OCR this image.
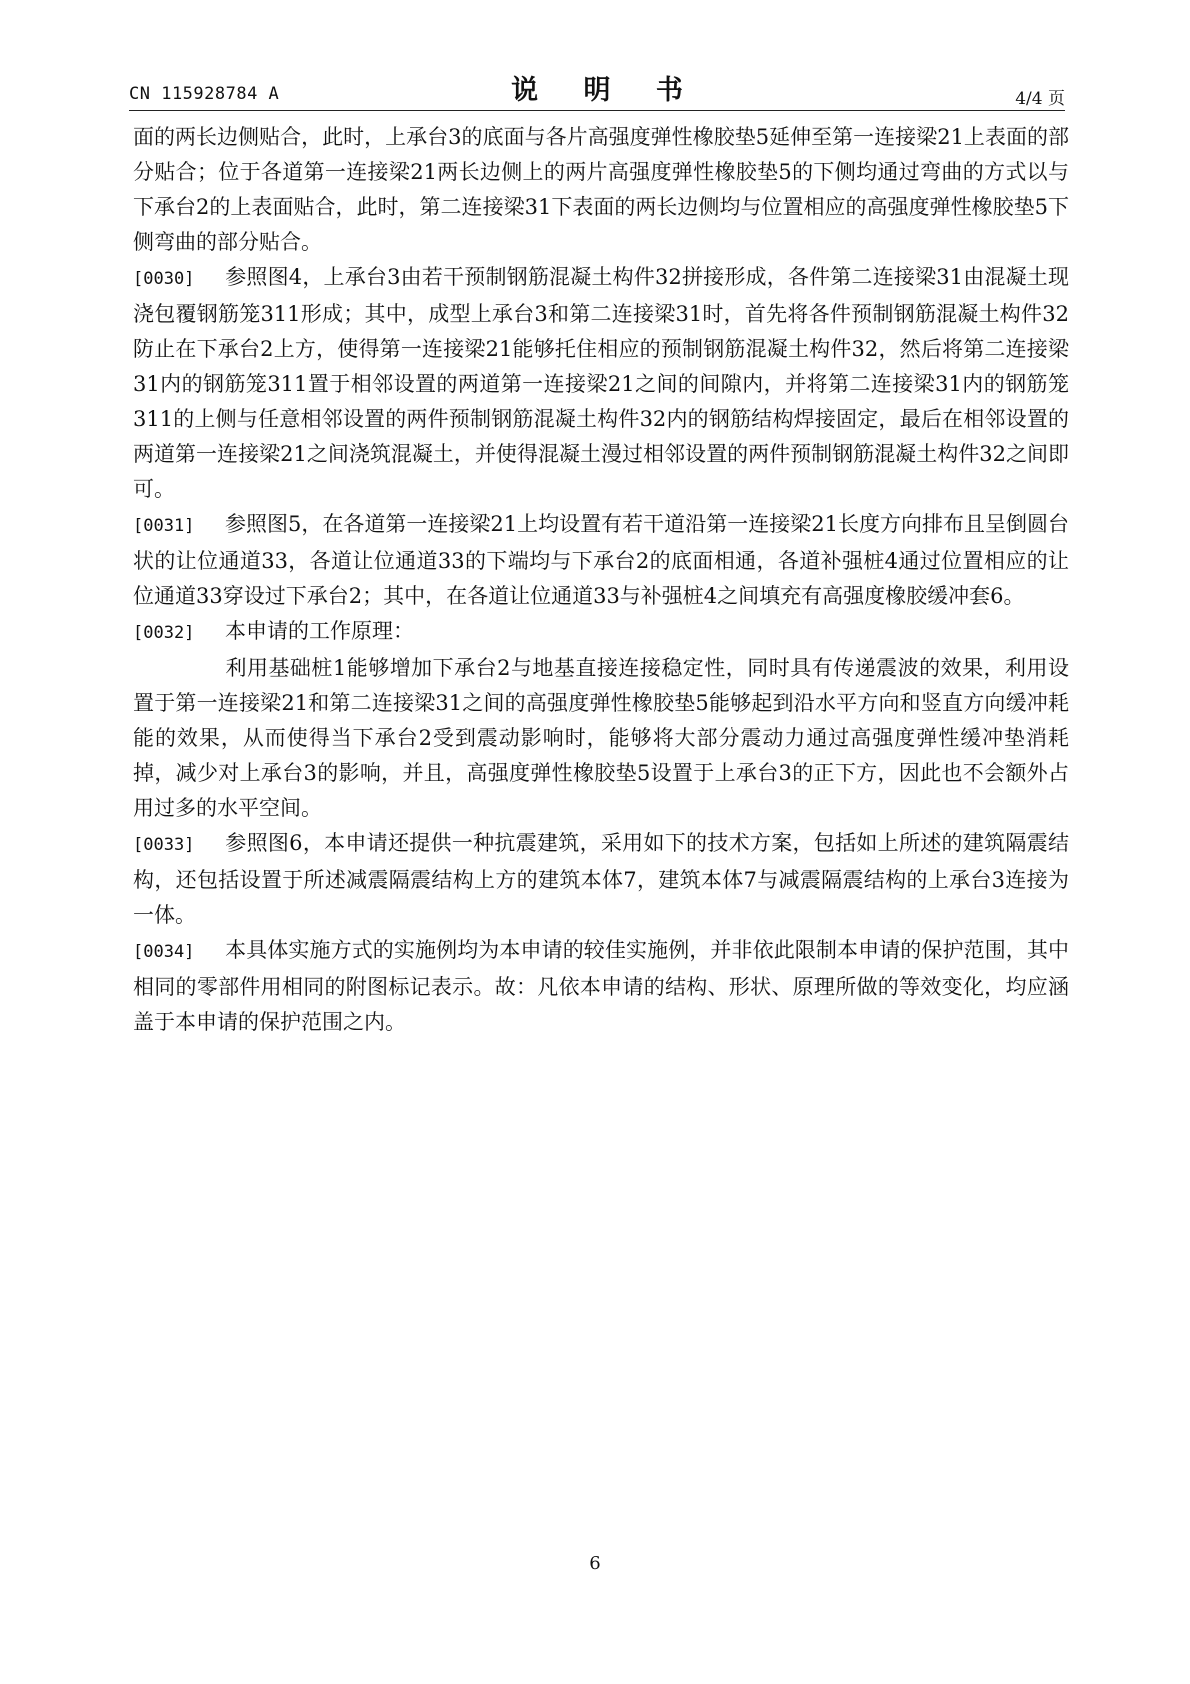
CN 115928784 A	说 明 书	4/4 页

面的两长边侧贴合，此时，上承台3的底面与各片高强度弹性橡胶垫5延伸至第一连接梁21上表面的部分贴合；位于各道第一连接梁21两长边侧上的两片高强度弹性橡胶垫5的下侧均通过弯曲的方式以与下承台2的上表面贴合，此时，第二连接梁31下表面的两长边侧均与位置相应的高强度弹性橡胶垫5下侧弯曲的部分贴合。

[0030] 参照图4，上承台3由若干预制钢筋混凝土构件32拼接形成，各件第二连接梁31由混凝土现浇包覆钢筋笼311形成；其中，成型上承台3和第二连接梁31时，首先将各件预制钢筋混凝土构件32防止在下承台2上方，使得第一连接梁21能够托住相应的预制钢筋混凝土构件32，然后将第二连接梁31内的钢筋笼311置于相邻设置的两道第一连接梁21之间的间隙内，并将第二连接梁31内的钢筋笼311的上侧与任意相邻设置的两件预制钢筋混凝土构件32内的钢筋结构焊接固定，最后在相邻设置的两道第一连接梁21之间浇筑混凝土，并使得混凝土漫过相邻设置的两件预制钢筋混凝土构件32之间即可。

[0031] 参照图5，在各道第一连接梁21上均设置有若干道沿第一连接梁21长度方向排布且呈倒圆台状的让位通道33，各道让位通道33的下端均与下承台2的底面相通，各道补强桩4通过位置相应的让位通道33穿设过下承台2；其中，在各道让位通道33与补强桩4之间填充有高强度橡胶缓冲套6。

[0032] 本申请的工作原理：

利用基础桩1能够增加下承台2与地基直接连接稳定性，同时具有传递震波的效果，利用设置于第一连接梁21和第二连接梁31之间的高强度弹性橡胶垫5能够起到沿水平方向和竖直方向缓冲耗能的效果，从而使得当下承台2受到震动影响时，能够将大部分震动力通过高强度弹性缓冲垫消耗掉，减少对上承台3的影响，并且，高强度弹性橡胶垫5设置于上承台3的正下方，因此也不会额外占用过多的水平空间。

[0033] 参照图6，本申请还提供一种抗震建筑，采用如下的技术方案，包括如上所述的建筑隔震结构，还包括设置于所述减震隔震结构上方的建筑本体7，建筑本体7与减震隔震结构的上承台3连接为一体。

[0034] 本具体实施方式的实施例均为本申请的较佳实施例，并非依此限制本申请的保护范围，其中相同的零部件用相同的附图标记表示。故：凡依本申请的结构、形状、原理所做的等效变化，均应涵盖于本申请的保护范围之内。

6
